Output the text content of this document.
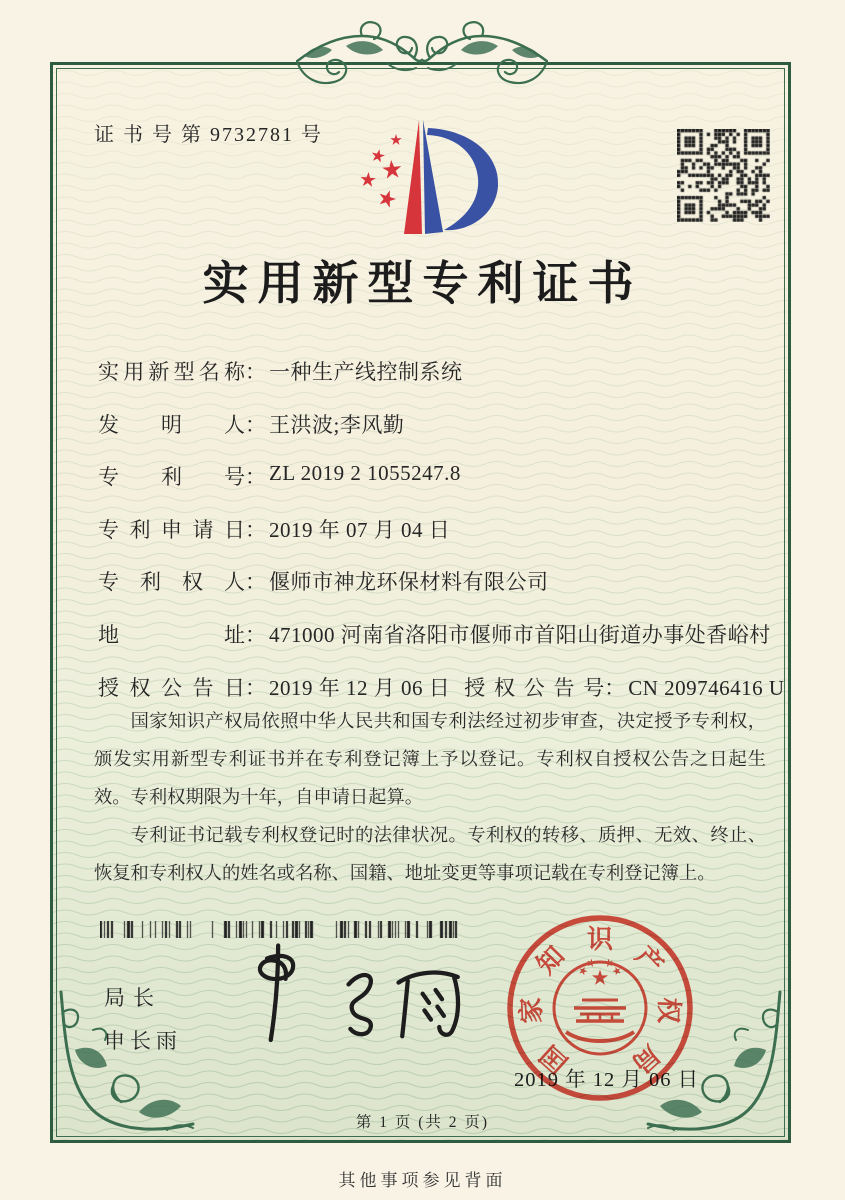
证 书 号 第 9732781 号
实用新型专利证书
实用新型名称 ： 一种生产线控制系统
发明人 ： 王洪波;李风勤
专利号 ： ZL 2019 2 1055247.8
专利申请日 ： 2019 年 07 月 04 日
专利权人 ： 偃师市神龙环保材料有限公司
地址 ： 471000 河南省洛阳市偃师市首阳山街道办事处香峪村
授权公告日： 2019 年 12 月 06 日 授权公告号： CN 209746416 U

国家知识产权局依照中华人民共和国专利法经过初步审查，决定授予专利权，颁发实用新型专利证书并在专利登记簿上予以登记。专利权自授权公告之日起生效。专利权期限为十年，自申请日起算。

专利证书记载专利权登记时的法律状况。专利权的转移、质押、无效、终止、恢复和专利权人的姓名或名称、国籍、地址变更等事项记载在专利登记簿上。

局长
申长雨
2019 年 12 月 06 日
国
家
知
识
产
权
局
第 1 页 (共 2 页)
其他事项参见背面
